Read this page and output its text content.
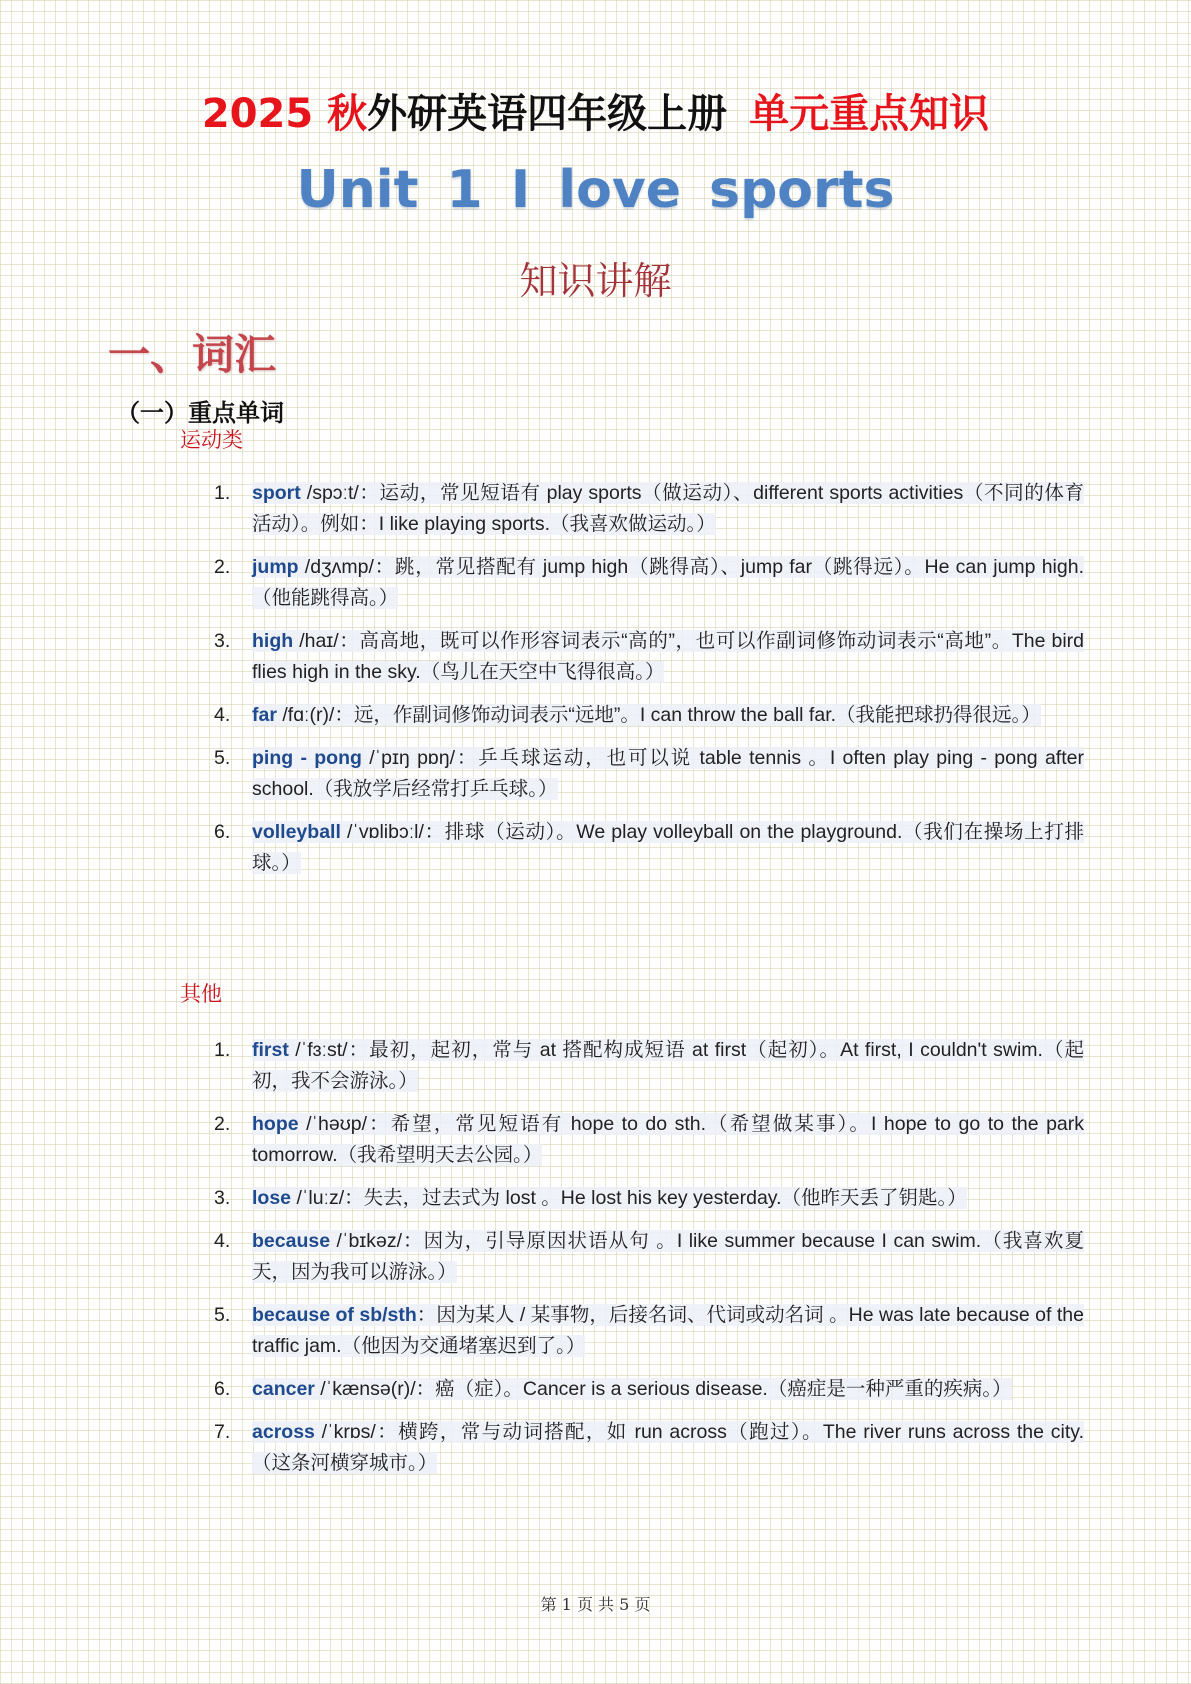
2025 秋外研英语四年级上册 单元重点知识
Unit 1 I love sports
知识讲解
一、词汇
（一）重点单词
运动类
1. sport /spɔːt/：运动，常见短语有 play sports（做运动）、different sports activities（不同的体育活动）。例如：I like playing sports.（我喜欢做运动。）
2. jump /dʒʌmp/：跳，常见搭配有 jump high（跳得高）、jump far（跳得远）。He can jump high.（他能跳得高。）
3. high /haɪ/：高高地，既可以作形容词表示“高的”，也可以作副词修饰动词表示“高地”。The bird flies high in the sky.（鸟儿在天空中飞得很高。）
4. far /fɑː(r)/：远，作副词修饰动词表示“远地”。I can throw the ball far.（我能把球扔得很远。）
5. ping - pong /ˈpɪŋ pɒŋ/：乒乓球运动，也可以说 table tennis 。I often play ping - pong after school.（我放学后经常打乒乓球。）
6. volleyball /ˈvɒlibɔːl/：排球（运动）。We play volleyball on the playground.（我们在操场上打排球。）
其他
1. first /ˈfɜːst/：最初，起初，常与 at 搭配构成短语 at first（起初）。At first, I couldn't swim.（起初，我不会游泳。）
2. hope /ˈhəʊp/：希望，常见短语有 hope to do sth.（希望做某事）。I hope to go to the park tomorrow.（我希望明天去公园。）
3. lose /ˈluːz/：失去，过去式为 lost 。He lost his key yesterday.（他昨天丢了钥匙。）
4. because /ˈbɪkəz/：因为，引导原因状语从句 。I like summer because I can swim.（我喜欢夏天，因为我可以游泳。）
5. because of sb/sth：因为某人 / 某事物，后接名词、代词或动名词 。He was late because of the traffic jam.（他因为交通堵塞迟到了。）
6. cancer /ˈkænsə(r)/：癌（症）。Cancer is a serious disease.（癌症是一种严重的疾病。）
7. across /ˈkrɒs/：横跨，常与动词搭配，如 run across（跑过）。The river runs across the city.（这条河横穿城市。）
第 1 页 共 5 页
